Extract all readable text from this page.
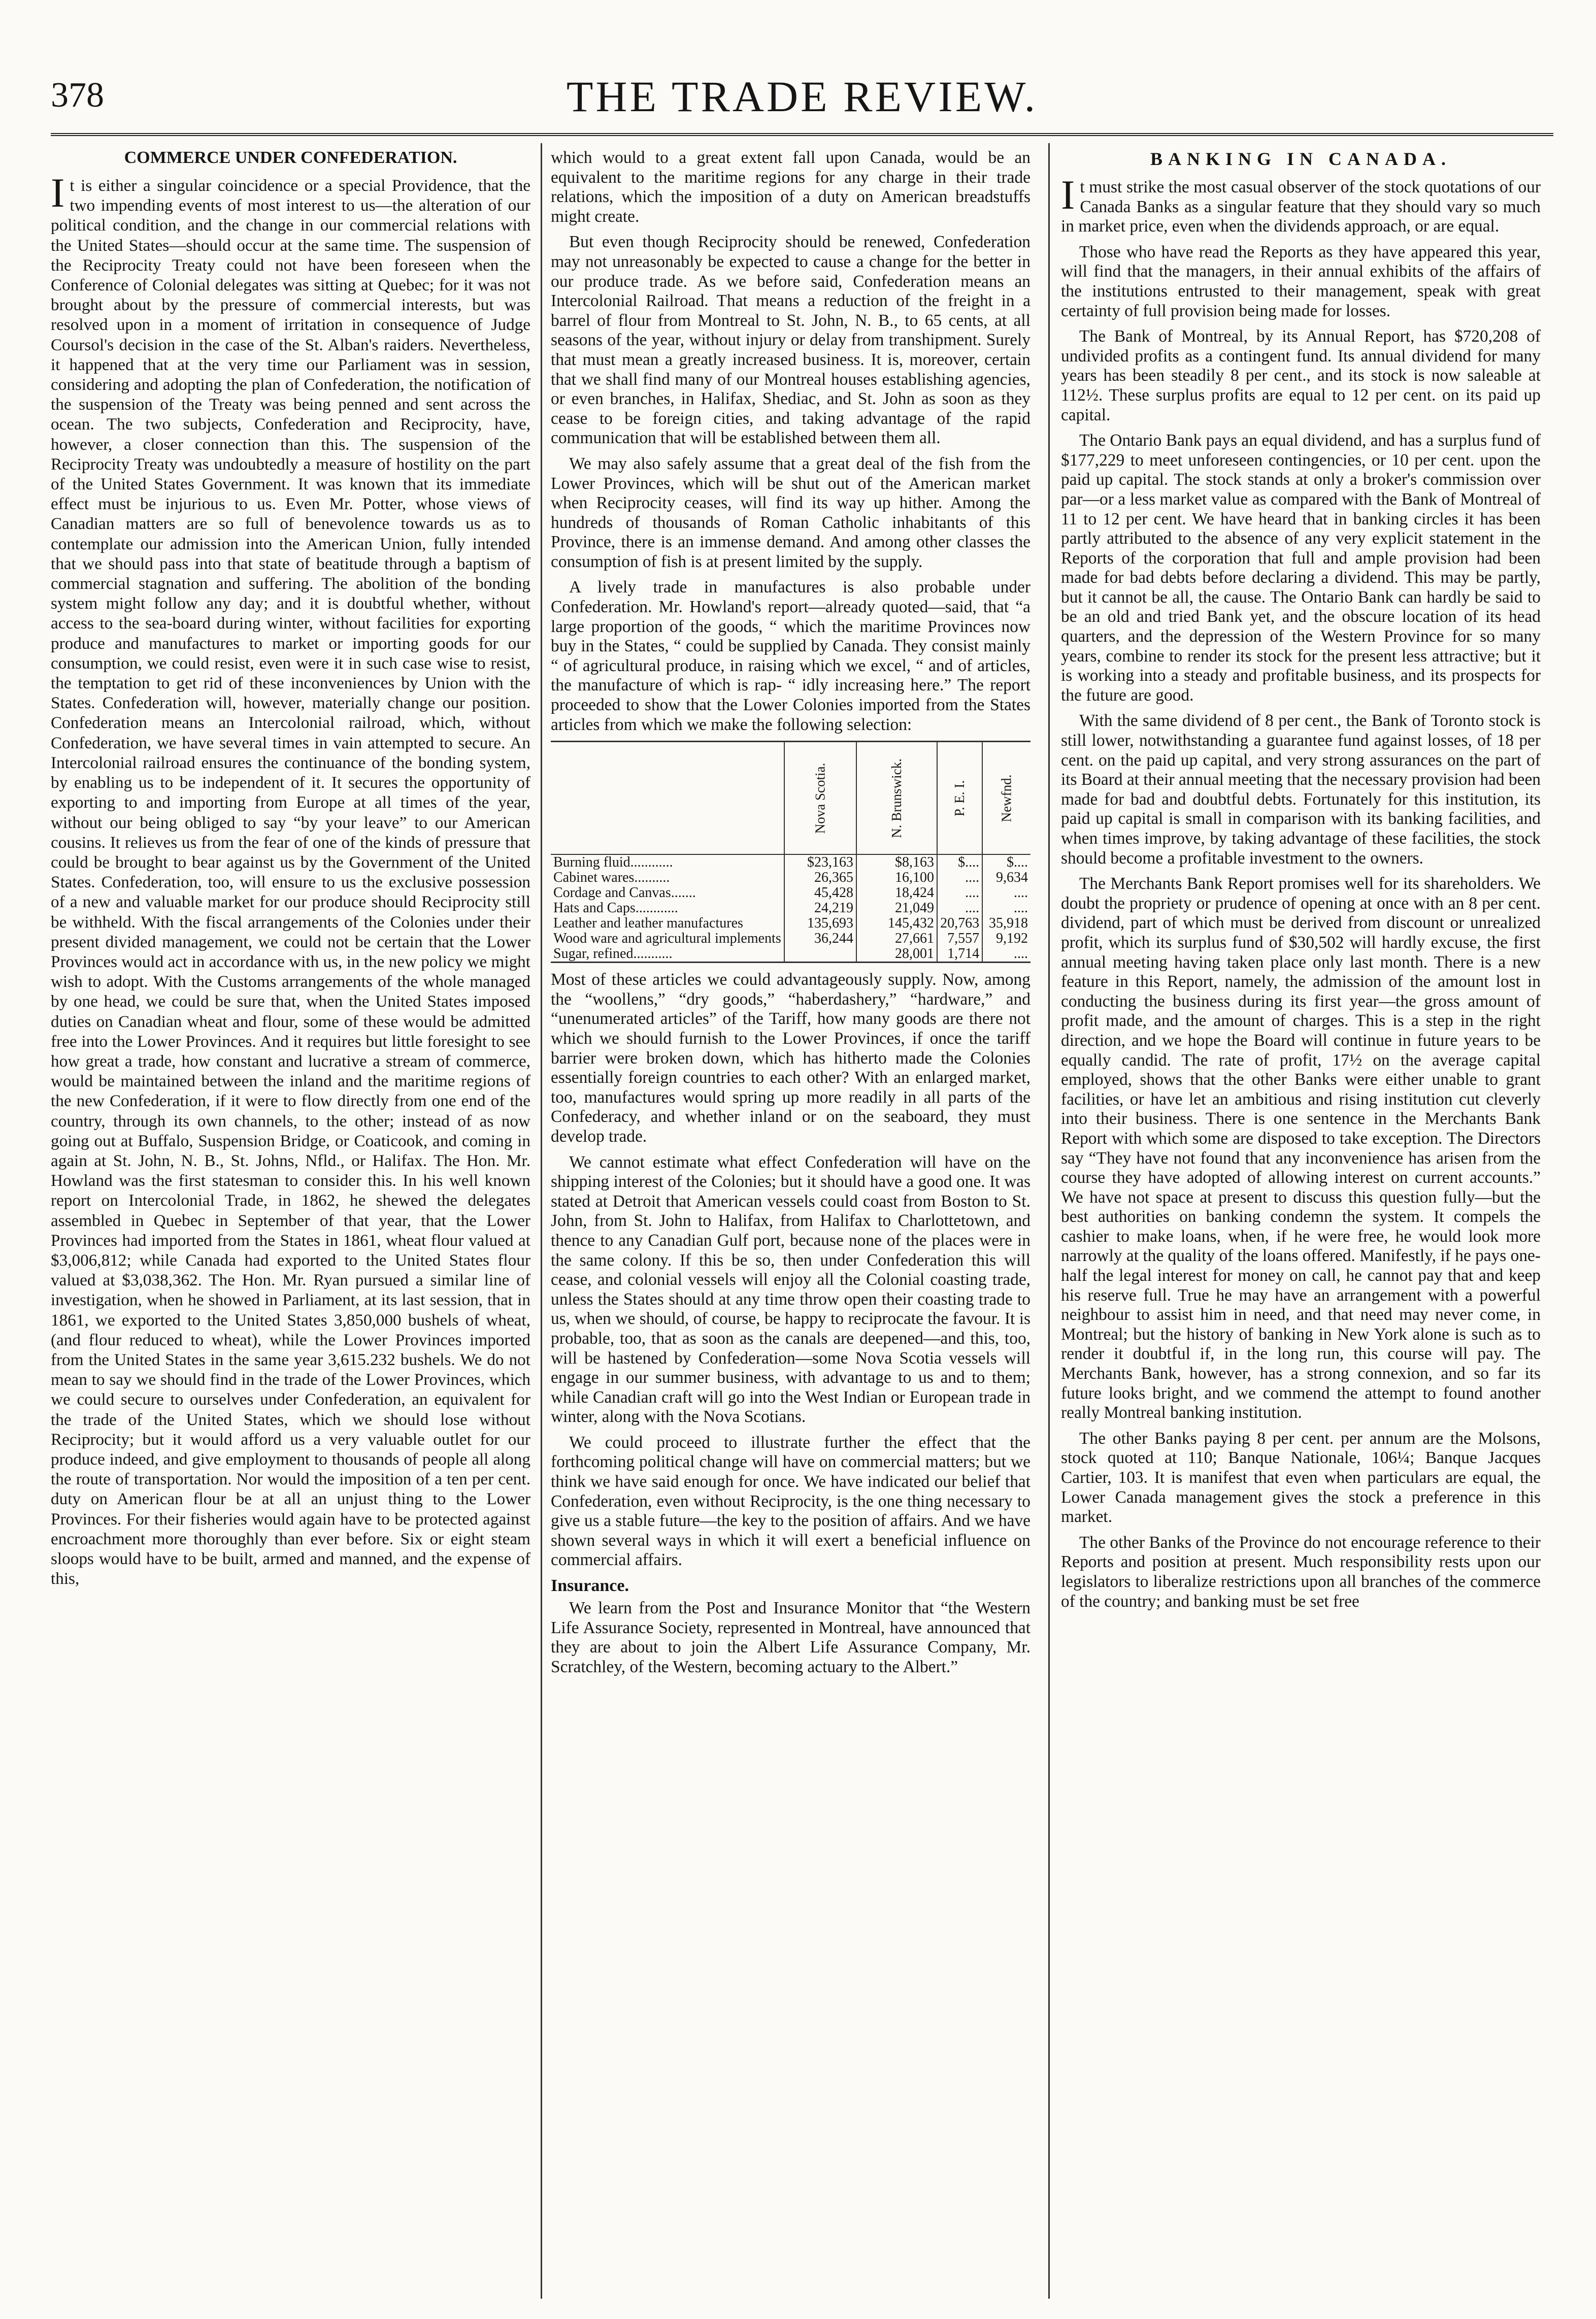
378	THE TRADE REVIEW.
COMMERCE UNDER CONFEDERATION.

It is either a singular coincidence or a special Providence, that the two impending events of most interest to us—the alteration of our political condition, and the change in our commercial relations with the United States—should occur at the same time. The suspension of the Reciprocity Treaty could not have been foreseen when the Conference of Colonial delegates was sitting at Quebec; for it was not brought about by the pressure of commercial interests, but was resolved upon in a moment of irritation in consequence of Judge Coursol's decision in the case of the St. Alban's raiders. Nevertheless, it happened that at the very time our Parliament was in session, considering and adopting the plan of Confederation, the notification of the suspension of the Treaty was being penned and sent across the ocean. The two subjects, Confederation and Reciprocity, have, however, a closer connection than this. The suspension of the Reciprocity Treaty was undoubtedly a measure of hostility on the part of the United States Government. It was known that its immediate effect must be injurious to us. Even Mr. Potter, whose views of Canadian matters are so full of benevolence towards us as to contemplate our admission into the American Union, fully intended that we should pass into that state of beatitude through a baptism of commercial stagnation and suffering. The abolition of the bonding system might follow any day; and it is doubtful whether, without access to the sea-board during winter, without facilities for exporting produce and manufactures to market or importing goods for our consumption, we could resist, even were it in such case wise to resist, the temptation to get rid of these inconveniences by Union with the States. Confederation will, however, materially change our position. Confederation means an Intercolonial railroad, which, without Confederation, we have several times in vain attempted to secure. An Intercolonial railroad ensures the continuance of the bonding system, by enabling us to be independent of it. It secures the opportunity of exporting to and importing from Europe at all times of the year, without our being obliged to say “by your leave” to our American cousins. It relieves us from the fear of one of the kinds of pressure that could be brought to bear against us by the Government of the United States. Confederation, too, will ensure to us the exclusive possession of a new and valuable market for our produce should Reciprocity still be withheld. With the fiscal arrangements of the Colonies under their present divided management, we could not be certain that the Lower Provinces would act in accordance with us, in the new policy we might wish to adopt. With the Customs arrangements of the whole managed by one head, we could be sure that, when the United States imposed duties on Canadian wheat and flour, some of these would be admitted free into the Lower Provinces. And it requires but little foresight to see how great a trade, how constant and lucrative a stream of commerce, would be maintained between the inland and the maritime regions of the new Confederation, if it were to flow directly from one end of the country, through its own channels, to the other; instead of as now going out at Buffalo, Suspension Bridge, or Coaticook, and coming in again at St. John, N. B., St. Johns, Nfld., or Halifax. The Hon. Mr. Howland was the first statesman to consider this. In his well known report on Intercolonial Trade, in 1862, he shewed the delegates assembled in Quebec in September of that year, that the Lower Provinces had imported from the States in 1861, wheat flour valued at $3,006,812; while Canada had exported to the United States flour valued at $3,038,362. The Hon. Mr. Ryan pursued a similar line of investigation, when he showed in Parliament, at its last session, that in 1861, we exported to the United States 3,850,000 bushels of wheat, (and flour reduced to wheat), while the Lower Provinces imported from the United States in the same year 3,615.232 bushels. We do not mean to say we should find in the trade of the Lower Provinces, which we could secure to ourselves under Confederation, an equivalent for the trade of the United States, which we should lose without Reciprocity; but it would afford us a very valuable outlet for our produce indeed, and give employment to thousands of people all along the route of transportation. Nor would the imposition of a ten per cent. duty on American flour be at all an unjust thing to the Lower Provinces. For their fisheries would again have to be protected against encroachment more thoroughly than ever before. Six or eight steam sloops would have to be built, armed and manned, and the expense of this,

which would to a great extent fall upon Canada, would be an equivalent to the maritime regions for any charge in their trade relations, which the imposition of a duty on American breadstuffs might create.

But even though Reciprocity should be renewed, Confederation may not unreasonably be expected to cause a change for the better in our produce trade. As we before said, Confederation means an Intercolonial Railroad. That means a reduction of the freight in a barrel of flour from Montreal to St. John, N. B., to 65 cents, at all seasons of the year, without injury or delay from transhipment. Surely that must mean a greatly increased business. It is, moreover, certain that we shall find many of our Montreal houses establishing agencies, or even branches, in Halifax, Shediac, and St. John as soon as they cease to be foreign cities, and taking advantage of the rapid communication that will be established between them all.

We may also safely assume that a great deal of the fish from the Lower Provinces, which will be shut out of the American market when Reciprocity ceases, will find its way up hither. Among the hundreds of thousands of Roman Catholic inhabitants of this Province, there is an immense demand. And among other classes the consumption of fish is at present limited by the supply.

A lively trade in manufactures is also probable under Confederation. Mr. Howland's report—already quoted—said, that “a large proportion of the goods, “ which the maritime Provinces now buy in the States, “ could be supplied by Canada. They consist mainly “ of agricultural produce, in raising which we excel, “ and of articles, the manufacture of which is rap- “ idly increasing here.” The report proceeded to show that the Lower Colonies imported from the States articles from which we make the following selection:

	Nova Scotia.	N. Brunswick.	P. E. I.	Newfnd.

Burning fluid............	$23,163	$8,163	$....	$....
Cabinet wares..........	26,365	16,100	....	9,634
Cordage and Canvas.......	45,428	18,424	....	....
Hats and Caps............	24,219	21,049	....	....
Leather and leather manufactures	135,693	145,432	20,763	35,918
Wood ware and agricultural implements	36,244	27,661	7,557	9,192
Sugar, refined...........		28,001	1,714	....

Most of these articles we could advantageously supply. Now, among the “woollens,” “dry goods,” “haberdashery,” “hardware,” and “unenumerated articles” of the Tariff, how many goods are there not which we should furnish to the Lower Provinces, if once the tariff barrier were broken down, which has hitherto made the Colonies essentially foreign countries to each other? With an enlarged market, too, manufactures would spring up more readily in all parts of the Confederacy, and whether inland or on the seaboard, they must develop trade.

We cannot estimate what effect Confederation will have on the shipping interest of the Colonies; but it should have a good one. It was stated at Detroit that American vessels could coast from Boston to St. John, from St. John to Halifax, from Halifax to Charlottetown, and thence to any Canadian Gulf port, because none of the places were in the same colony. If this be so, then under Confederation this will cease, and colonial vessels will enjoy all the Colonial coasting trade, unless the States should at any time throw open their coasting trade to us, when we should, of course, be happy to reciprocate the favour. It is probable, too, that as soon as the canals are deepened—and this, too, will be hastened by Confederation—some Nova Scotia vessels will engage in our summer business, with advantage to us and to them; while Canadian craft will go into the West Indian or European trade in winter, along with the Nova Scotians.

We could proceed to illustrate further the effect that the forthcoming political change will have on commercial matters; but we think we have said enough for once. We have indicated our belief that Confederation, even without Reciprocity, is the one thing necessary to give us a stable future—the key to the position of affairs. And we have shown several ways in which it will exert a beneficial influence on commercial affairs.

Insurance.

We learn from the Post and Insurance Monitor that “the Western Life Assurance Society, represented in Montreal, have announced that they are about to join the Albert Life Assurance Company, Mr. Scratchley, of the Western, becoming actuary to the Albert.”

BANKING IN CANADA.

It must strike the most casual observer of the stock quotations of our Canada Banks as a singular feature that they should vary so much in market price, even when the dividends approach, or are equal.

Those who have read the Reports as they have appeared this year, will find that the managers, in their annual exhibits of the affairs of the institutions entrusted to their management, speak with great certainty of full provision being made for losses.

The Bank of Montreal, by its Annual Report, has $720,208 of undivided profits as a contingent fund. Its annual dividend for many years has been steadily 8 per cent., and its stock is now saleable at 112½. These surplus profits are equal to 12 per cent. on its paid up capital.

The Ontario Bank pays an equal dividend, and has a surplus fund of $177,229 to meet unforeseen contingencies, or 10 per cent. upon the paid up capital. The stock stands at only a broker's commission over par—or a less market value as compared with the Bank of Montreal of 11 to 12 per cent. We have heard that in banking circles it has been partly attributed to the absence of any very explicit statement in the Reports of the corporation that full and ample provision had been made for bad debts before declaring a dividend. This may be partly, but it cannot be all, the cause. The Ontario Bank can hardly be said to be an old and tried Bank yet, and the obscure location of its head quarters, and the depression of the Western Province for so many years, combine to render its stock for the present less attractive; but it is working into a steady and profitable business, and its prospects for the future are good.

With the same dividend of 8 per cent., the Bank of Toronto stock is still lower, notwithstanding a guarantee fund against losses, of 18 per cent. on the paid up capital, and very strong assurances on the part of its Board at their annual meeting that the necessary provision had been made for bad and doubtful debts. Fortunately for this institution, its paid up capital is small in comparison with its banking facilities, and when times improve, by taking advantage of these facilities, the stock should become a profitable investment to the owners.

The Merchants Bank Report promises well for its shareholders. We doubt the propriety or prudence of opening at once with an 8 per cent. dividend, part of which must be derived from discount or unrealized profit, which its surplus fund of $30,502 will hardly excuse, the first annual meeting having taken place only last month. There is a new feature in this Report, namely, the admission of the amount lost in conducting the business during its first year—the gross amount of profit made, and the amount of charges. This is a step in the right direction, and we hope the Board will continue in future years to be equally candid. The rate of profit, 17½ on the average capital employed, shows that the other Banks were either unable to grant facilities, or have let an ambitious and rising institution cut cleverly into their business. There is one sentence in the Merchants Bank Report with which some are disposed to take exception. The Directors say “They have not found that any inconvenience has arisen from the course they have adopted of allowing interest on current accounts.” We have not space at present to discuss this question fully—but the best authorities on banking condemn the system. It compels the cashier to make loans, when, if he were free, he would look more narrowly at the quality of the loans offered. Manifestly, if he pays one-half the legal interest for money on call, he cannot pay that and keep his reserve full. True he may have an arrangement with a powerful neighbour to assist him in need, and that need may never come, in Montreal; but the history of banking in New York alone is such as to render it doubtful if, in the long run, this course will pay. The Merchants Bank, however, has a strong connexion, and so far its future looks bright, and we commend the attempt to found another really Montreal banking institution.

The other Banks paying 8 per cent. per annum are the Molsons, stock quoted at 110; Banque Nationale, 106¼; Banque Jacques Cartier, 103. It is manifest that even when particulars are equal, the Lower Canada management gives the stock a preference in this market.

The other Banks of the Province do not encourage reference to their Reports and position at present. Much responsibility rests upon our legislators to liberalize restrictions upon all branches of the commerce of the country; and banking must be set free
